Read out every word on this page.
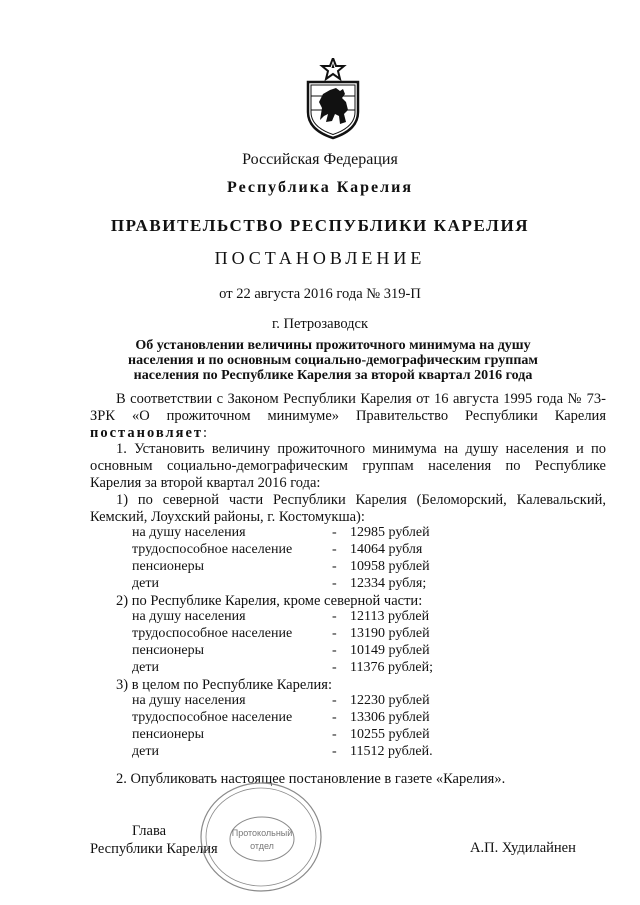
Российская Федерация
Республика Карелия
ПРАВИТЕЛЬСТВО РЕСПУБЛИКИ КАРЕЛИЯ
ПОСТАНОВЛЕНИЕ
от 22 августа 2016 года № 319-П
г. Петрозаводск
Об установлении величины прожиточного минимума на душу
населения и по основным социально-демографическим группам
населения по Республике Карелия за второй квартал 2016 года

В соответствии с Законом Республики Карелия от 16 августа 1995 года № 73-ЗРК «О прожиточном минимуме» Правительство Республики Карелия постановляет:

1. Установить величину прожиточного минимума на душу населения и по основным социально-демографическим группам населения по Республике Карелия за второй квартал 2016 года:

1) по северной части Республики Карелия (Беломорский, Калевальский, Кемский, Лоухский районы, г. Костомукша):

на душу населения	- 12985 рублей
трудоспособное население	- 14064 рубля
пенсионеры	- 10958 рублей
дети	- 12334 рубля;

2) по Республике Карелия, кроме северной части:

на душу населения	- 12113 рублей
трудоспособное население	- 13190 рублей
пенсионеры	- 10149 рублей
дети	- 11376 рублей;

3) в целом по Республике Карелия:

на душу населения	- 12230 рублей
трудоспособное население	- 13306 рублей
пенсионеры	- 10255 рублей
дети	- 11512 рублей.

2. Опубликовать настоящее постановление в газете «Карелия».

Глава
Республики Карелия	А.П. Худилайнен
Протокольный
отдел
